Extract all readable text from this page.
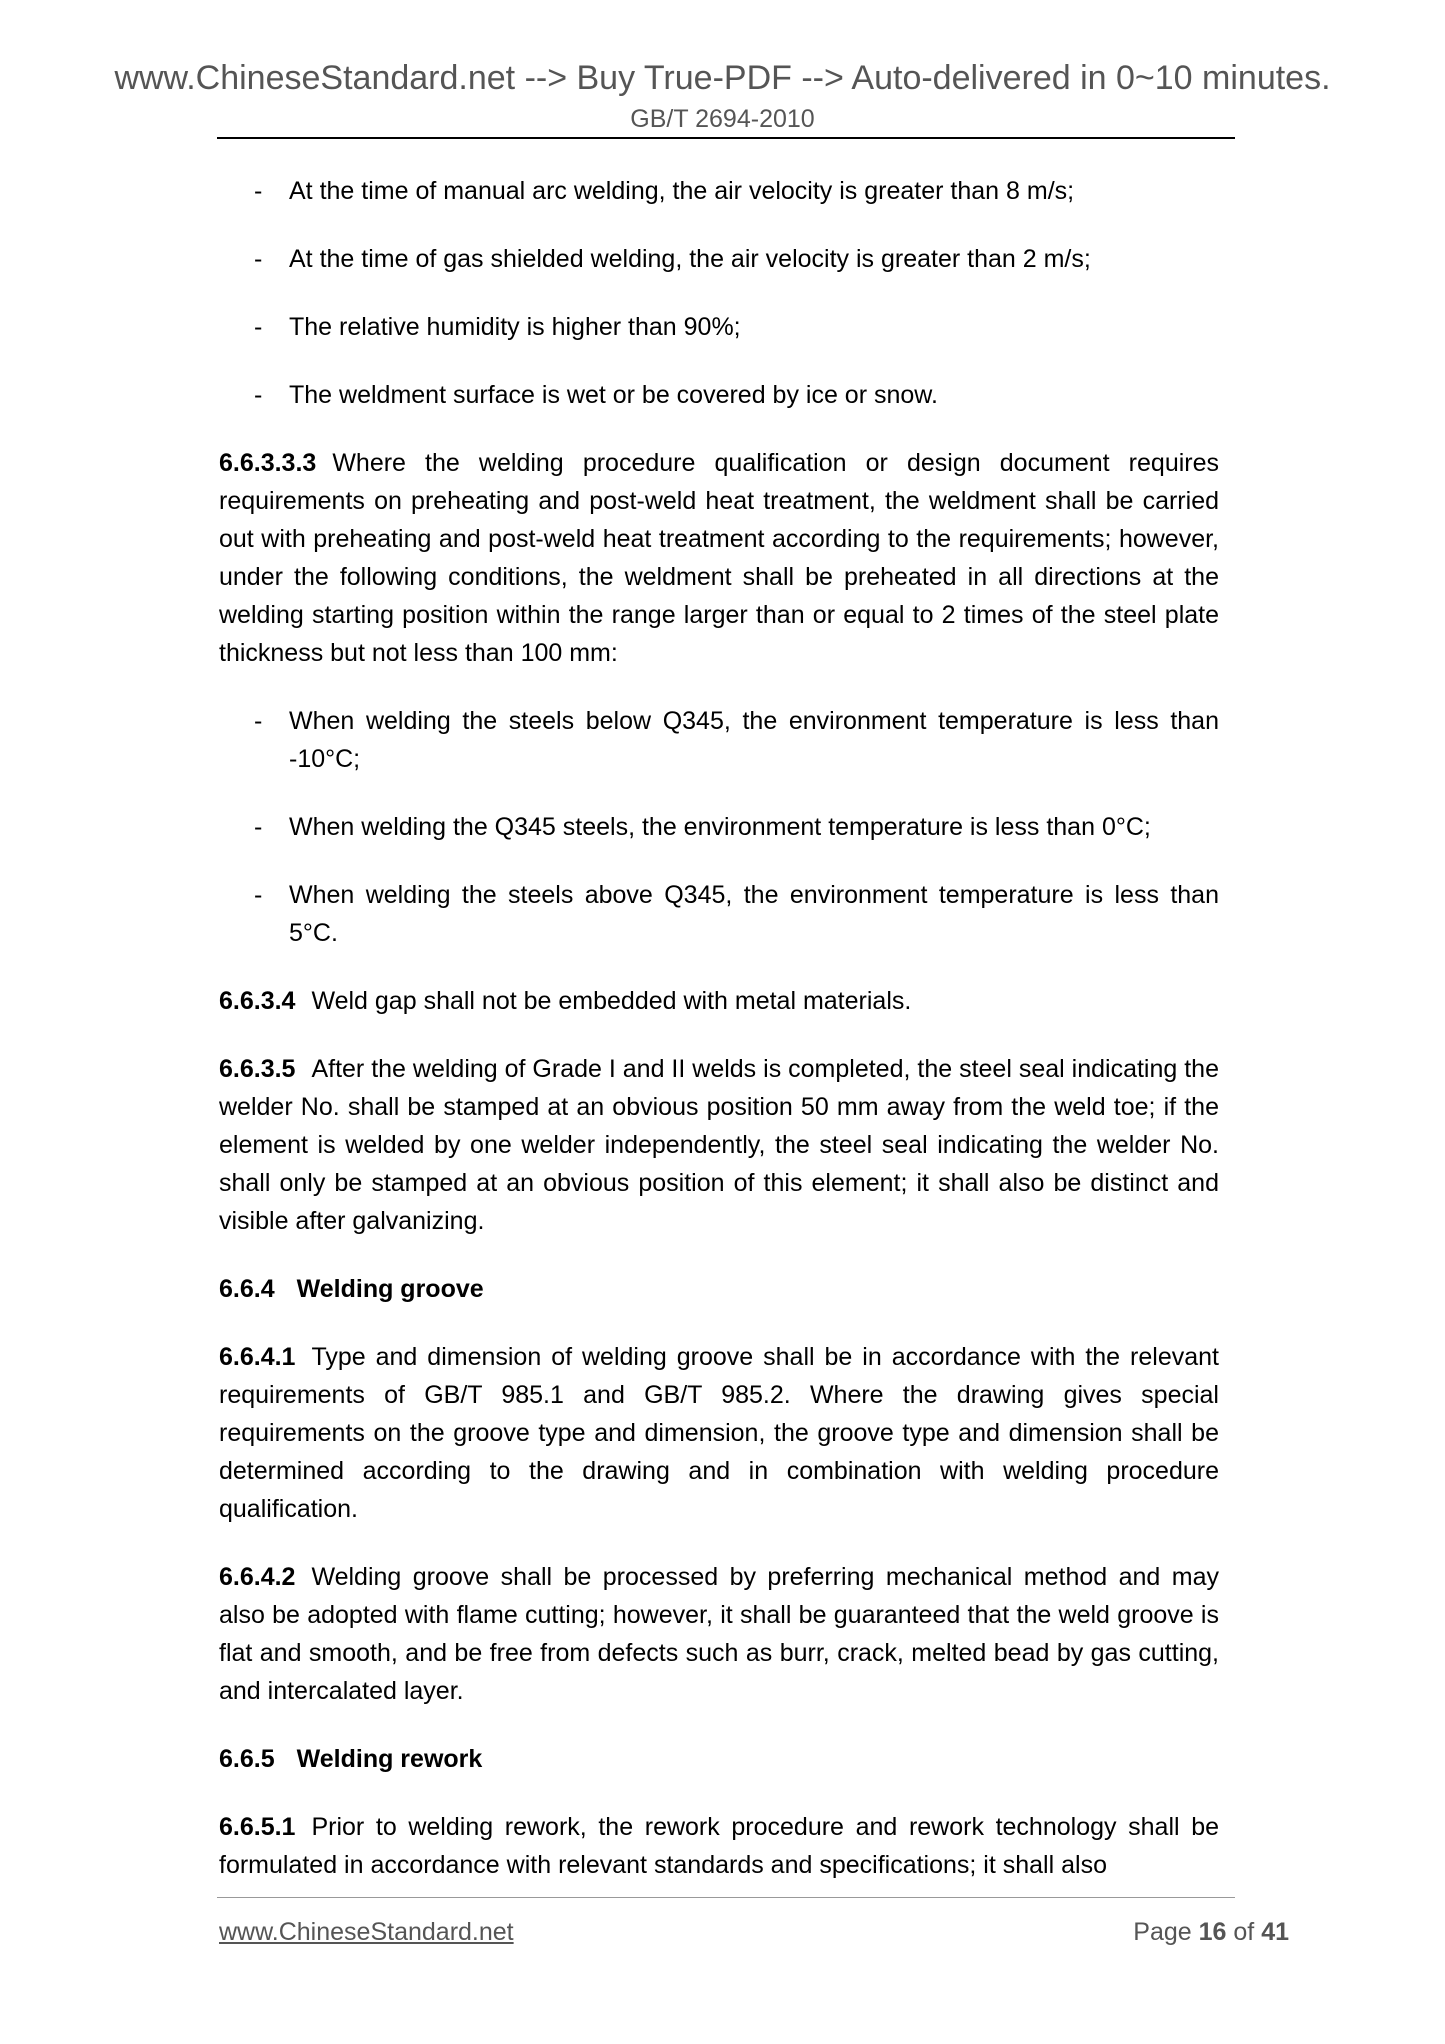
www.ChineseStandard.net --> Buy True-PDF --> Auto-delivered in 0~10 minutes.
GB/T 2694-2010
- At the time of manual arc welding, the air velocity is greater than 8 m/s;
- At the time of gas shielded welding, the air velocity is greater than 2 m/s;
- The relative humidity is higher than 90%;
- The weldment surface is wet or be covered by ice or snow.

6.6.3.3.3 Where the welding procedure qualification or design document requires requirements on preheating and post-weld heat treatment, the weldment shall be carried out with preheating and post-weld heat treatment according to the requirements; however, under the following conditions, the weldment shall be preheated in all directions at the welding starting position within the range larger than or equal to 2 times of the steel plate thickness but not less than 100 mm:

- When welding the steels below Q345, the environment temperature is less than -10°C;
- When welding the Q345 steels, the environment temperature is less than 0°C;
- When welding the steels above Q345, the environment temperature is less than 5°C.

6.6.3.4 Weld gap shall not be embedded with metal materials.

6.6.3.5 After the welding of Grade I and II welds is completed, the steel seal indicating the welder No. shall be stamped at an obvious position 50 mm away from the weld toe; if the element is welded by one welder independently, the steel seal indicating the welder No. shall only be stamped at an obvious position of this element; it shall also be distinct and visible after galvanizing.

6.6.4 Welding groove

6.6.4.1 Type and dimension of welding groove shall be in accordance with the relevant requirements of GB/T 985.1 and GB/T 985.2. Where the drawing gives special requirements on the groove type and dimension, the groove type and dimension shall be determined according to the drawing and in combination with welding procedure qualification.

6.6.4.2 Welding groove shall be processed by preferring mechanical method and may also be adopted with flame cutting; however, it shall be guaranteed that the weld groove is flat and smooth, and be free from defects such as burr, crack, melted bead by gas cutting, and intercalated layer.

6.6.5 Welding rework

6.6.5.1 Prior to welding rework, the rework procedure and rework technology shall be formulated in accordance with relevant standards and specifications; it shall also

www.ChineseStandard.net	Page 16 of 41
